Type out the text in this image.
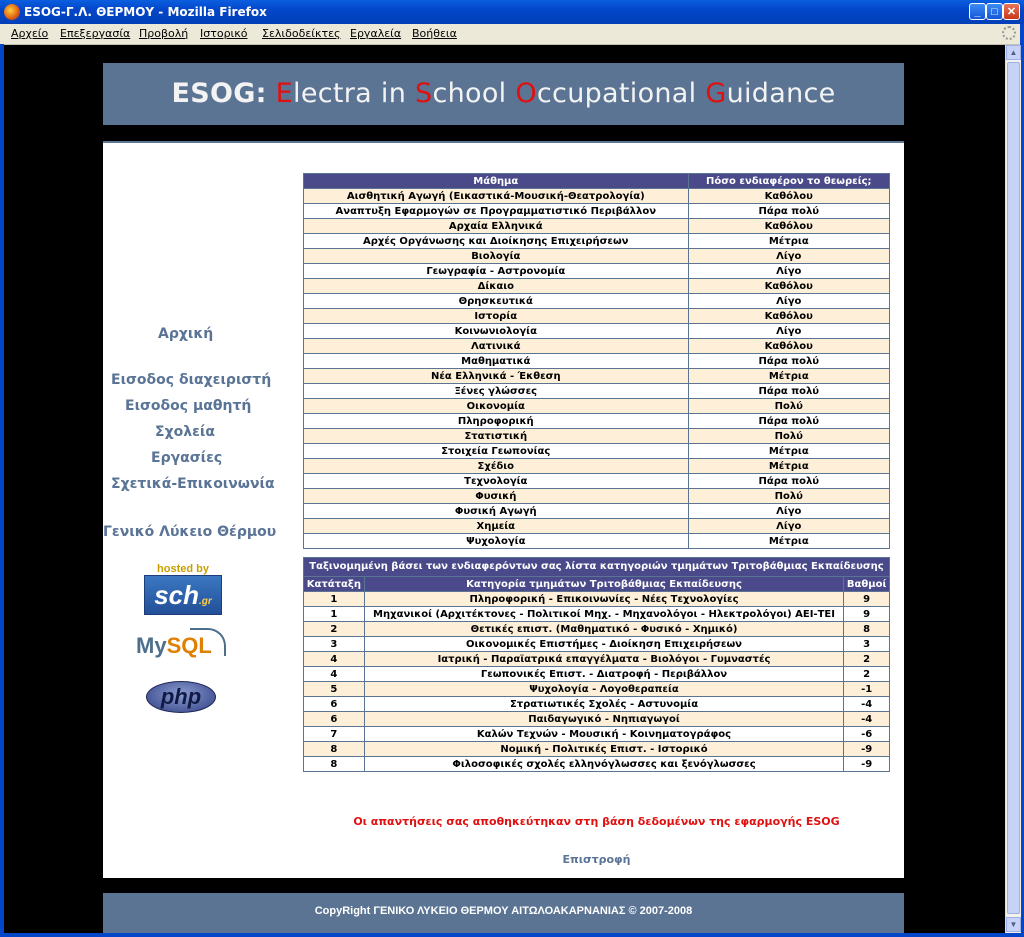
ESOG-Γ.Λ. ΘΕΡΜΟΥ - Mozilla Firefox	_ □ ✕
Αρχείο Επεξεργασία Προβολή Ιστορικό Σελιδοδείκτες Εργαλεία Βοήθεια
ESOG: Electra in School Occupational Guidance
Αρχική
Εισοδος διαχειριστή
Εισοδος μαθητή
Σχολεία
Εργασίες
Σχετικά-Επικοινωνία
Γενικό Λύκειο Θέρμου
hosted by
sch.gr
MySQL
php
Μάθημα	Πόσο ενδιαφέρον το θεωρείς;
Αισθητική Αγωγή (Εικαστικά-Μουσική-Θεατρολογία)	Καθόλου
Αναπτυξη Εφαρμογών σε Προγραμματιστικό Περιβάλλον	Πάρα πολύ
Αρχαία Ελληνικά	Καθόλου
Αρχές Οργάνωσης και Διοίκησης Επιχειρήσεων	Μέτρια
Βιολογία	Λίγο
Γεωγραφία - Αστρονομία	Λίγο
Δίκαιο	Καθόλου
Θρησκευτικά	Λίγο
Ιστορία	Καθόλου
Κοινωνιολογία	Λίγο
Λατινικά	Καθόλου
Μαθηματικά	Πάρα πολύ
Νέα Ελληνικά - Έκθεση	Μέτρια
Ξένες γλώσσες	Πάρα πολύ
Οικονομία	Πολύ
Πληροφορική	Πάρα πολύ
Στατιστική	Πολύ
Στοιχεία Γεωπονίας	Μέτρια
Σχέδιο	Μέτρια
Τεχνολογία	Πάρα πολύ
Φυσική	Πολύ
Φυσική Αγωγή	Λίγο
Χημεία	Λίγο
Ψυχολογία	Μέτρια
Ταξινομημένη βάσει των ενδιαφερόντων σας λίστα κατηγοριών τμημάτων Τριτοβάθμιας Εκπαίδευσης		
Κατάταξη	Κατηγορία τμημάτων Τριτοβάθμιας Εκπαίδευσης	Βαθμοί
1	Πληροφορική - Επικοινωνίες - Νέες Τεχνολογίες	9
1	Μηχανικοί (Αρχιτέκτονες - Πολιτικοί Μηχ. - Μηχανολόγοι - Ηλεκτρολόγοι) ΑΕΙ-ΤΕΙ	9
2	Θετικές επιστ. (Μαθηματικό - Φυσικό - Χημικό)	8
3	Οικονομικές Επιστήμες - Διοίκηση Επιχειρήσεων	3
4	Ιατρική - Παραϊατρικά επαγγέλματα - Βιολόγοι - Γυμναστές	2
4	Γεωπονικές Επιστ. - Διατροφή - Περιβάλλον	2
5	Ψυχολογία - Λογοθεραπεία	-1
6	Στρατιωτικές Σχολές - Αστυνομία	-4
6	Παιδαγωγικό - Νηπιαγωγοί	-4
7	Καλών Τεχνών - Μουσική - Κοινηματογράφος	-6
8	Νομική - Πολιτικές Επιστ. - Ιστορικό	-9
8	Φιλοσοφικές σχολές ελληνόγλωσσες και ξενόγλωσσες	-9
Οι απαντήσεις σας αποθηκεύτηκαν στη βάση δεδομένων της εφαρμογής ESOG
Επιστροφή
CopyRight ΓΕΝΙΚΟ ΛΥΚΕΙΟ ΘΕΡΜΟΥ ΑΙΤΩΛΟΑΚΑΡΝΑΝΙΑΣ © 2007-2008
▲
▼
